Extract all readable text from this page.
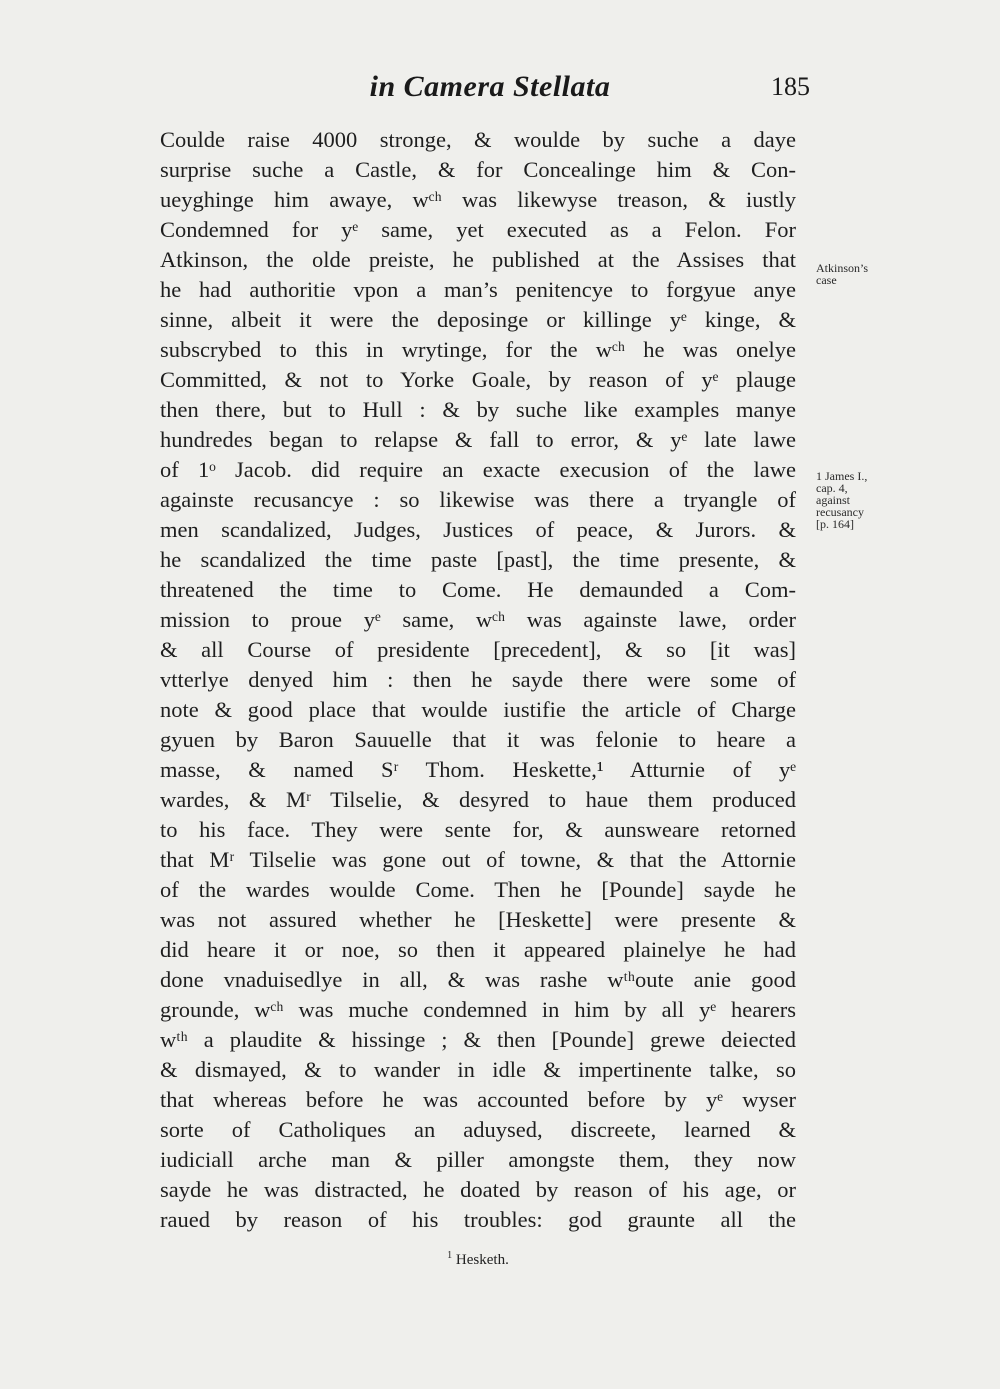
in Camera Stellata	185
Coulde raise 4000 stronge, & woulde by suche a daye
surprise suche a Castle, & for Concealinge him & Con-
ueyghinge him awaye, wᶜʰ was likewyse treason, & iustly
Condemned for yᵉ same, yet executed as a Felon. For
Atkinson, the olde preiste, he published at the Assises that
he had authoritie vpon a man’s penitencye to forgyue anye
sinne, albeit it were the deposinge or killinge yᵉ kinge, &
subscrybed to this in wrytinge, for the wᶜʰ he was onelye
Committed, & not to Yorke Goale, by reason of yᵉ plauge
then there, but to Hull : & by suche like examples manye
hundredes began to relapse & fall to error, & yᵉ late lawe
of 1ᵒ Jacob. did require an exacte execusion of the lawe
againste recusancye : so likewise was there a tryangle of
men scandalized, Judges, Justices of peace, & Jurors. &
he scandalized the time paste [past], the time presente, &
threatened the time to Come. He demaunded a Com-
mission to proue yᵉ same, wᶜʰ was againste lawe, order
& all Course of presidente [precedent], & so [it was]
vtterlye denyed him : then he sayde there were some of
note & good place that woulde iustifie the article of Charge
gyuen by Baron Sauuelle that it was felonie to heare a
masse, & named Sʳ Thom. Heskette,¹ Atturnie of yᵉ
wardes, & Mʳ Tilselie, & desyred to haue them produced
to his face. They were sente for, & aunsweare retorned
that Mʳ Tilselie was gone out of towne, & that the Attornie
of the wardes woulde Come. Then he [Pounde] sayde he
was not assured whether he [Heskette] were presente &
did heare it or noe, so then it appeared plainelye he had
done vnaduisedlye in all, & was rashe wᵗʰoute anie good
grounde, wᶜʰ was muche condemned in him by all yᵉ hearers
wᵗʰ a plaudite & hissinge ; & then [Pounde] grewe deiected
& dismayed, & to wander in idle & impertinente talke, so
that whereas before he was accounted before by yᵉ wyser
sorte of Catholiques an aduysed, discreete, learned &
iudiciall arche man & piller amongste them, they now
sayde he was distracted, he doated by reason of his age, or
raued by reason of his troubles: god graunte all the
Atkinson’s
case
1 James I.,
cap. 4,
against
recusancy
[p. 164]
$^1$ Hesketh.
